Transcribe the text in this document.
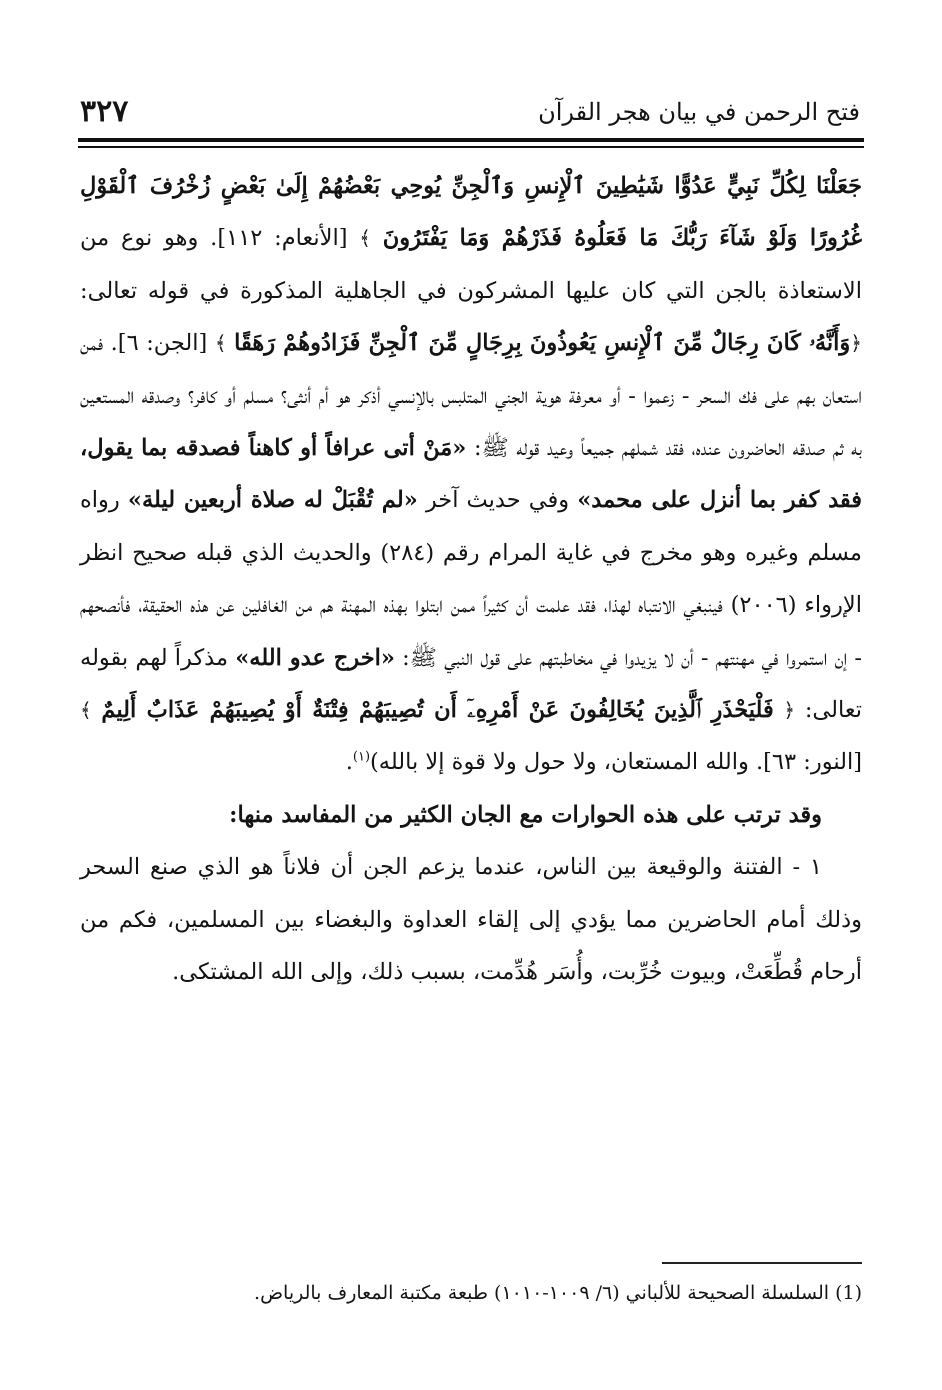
فتح الرحمن في بيان هجر القرآن
٣٢٧

جَعَلْنَا لِكُلِّ نَبِيٍّ عَدُوًّا شَيَٰطِينَ ٱلْإِنسِ وَٱلْجِنِّ يُوحِي بَعْضُهُمْ إِلَىٰ بَعْضٍ زُخْرُفَ ٱلْقَوْلِ غُرُورًا وَلَوْ شَآءَ رَبُّكَ مَا فَعَلُوهُ فَذَرْهُمْ وَمَا يَفْتَرُونَ ﴾ [الأنعام: ١١٢]. وهو نوع من الاستعاذة بالجن التي كان عليها المشركون في الجاهلية المذكورة في قوله تعالى: ﴿وَأَنَّهُۥ كَانَ رِجَالٌ مِّنَ ٱلْإِنسِ يَعُوذُونَ بِرِجَالٍ مِّنَ ٱلْجِنِّ فَزَادُوهُمْ رَهَقًا ﴾ [الجن: ٦]. فمن استعان بهم على فك السحر - زعموا - أو معرفة هوية الجني المتلبس بالإنسي أذكر هو أم أنثى؟ مسلم أو كافر؟ وصدقه المستعين به ثم صدقه الحاضرون عنده، فقد شملهم جميعاً وعيد قوله ﷺ: «مَنْ أتى عرافاً أو كاهناً فصدقه بما يقول، فقد كفر بما أنزل على محمد» وفي حديث آخر «لم تُقْبَلْ له صلاة أربعين ليلة» رواه مسلم وغيره وهو مخرج في غاية المرام رقم (٢٨٤) والحديث الذي قبله صحيح انظر الإرواء (٢٠٠٦) فينبغي الانتباه لهذا، فقد علمت أن كثيراً ممن ابتلوا بهذه المهنة هم من الغافلين عن هذه الحقيقة، فأنصحهم - إن استمروا في مهنتهم - أن لا يزيدوا في مخاطبتهم على قول النبي ﷺ: «اخرج عدو الله» مذكراً لهم بقوله تعالى: ﴿ فَلْيَحْذَرِ ٱلَّذِينَ يُخَالِفُونَ عَنْ أَمْرِهِۦٓ أَن تُصِيبَهُمْ فِتْنَةٌ أَوْ يُصِيبَهُمْ عَذَابٌ أَلِيمٌ ﴾ [النور: ٦٣]. والله المستعان، ولا حول ولا قوة إلا بالله)$^{(١)}$.

وقد ترتب على هذه الحوارات مع الجان الكثير من المفاسد منها:

١ - الفتنة والوقيعة بين الناس، عندما يزعم الجن أن فلاناً هو الذي صنع السحر وذلك أمام الحاضرين مما يؤدي إلى إلقاء العداوة والبغضاء بين المسلمين، فكم من أرحام قُطِّعَتْ، وبيوت خُرِّبت، وأُسَر هُدِّمت، بسبب ذلك، وإلى الله المشتكى.

(1) السلسلة الصحيحة للألباني (٦/ ١٠٠٩-١٠١٠) طبعة مكتبة المعارف بالرياض.
